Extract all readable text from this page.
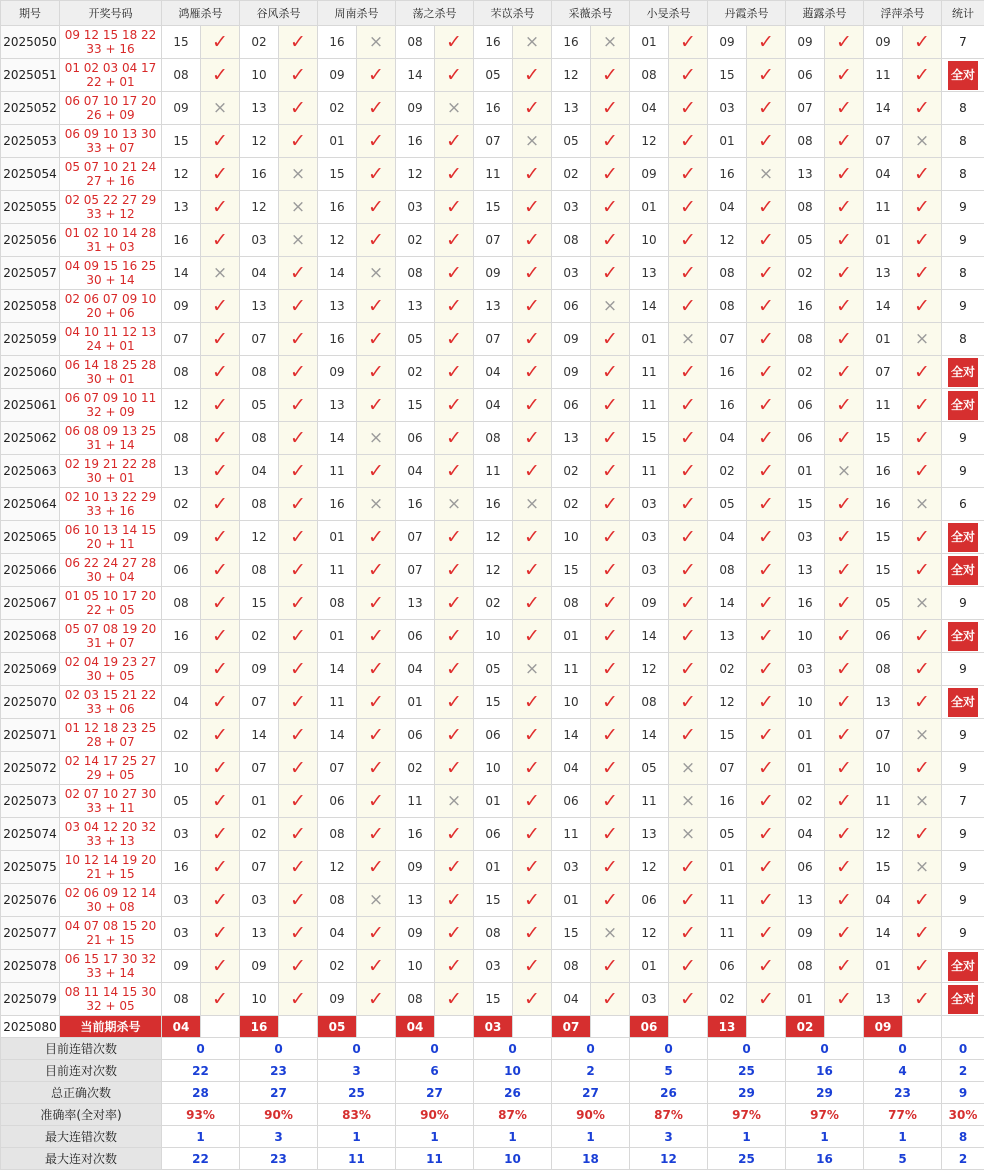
期号	开奖号码	鸿雁杀号		谷风杀号		周南杀号		荡之杀号		芣苡杀号		采薇杀号		小旻杀号		丹霞杀号		蕸露杀号		浮萍杀号		统计
2025050	09 12 15 18 22
33 + 16	15	✓	02	✓	16	×	08	✓	16	×	16	×	01	✓	09	✓	09	✓	09	✓	7
2025051	01 02 03 04 17
22 + 01	08	✓	10	✓	09	✓	14	✓	05	✓	12	✓	08	✓	15	✓	06	✓	11	✓	全对
2025052	06 07 10 17 20
26 + 09	09	×	13	✓	02	✓	09	×	16	✓	13	✓	04	✓	03	✓	07	✓	14	✓	8
2025053	06 09 10 13 30
33 + 07	15	✓	12	✓	01	✓	16	✓	07	×	05	✓	12	✓	01	✓	08	✓	07	×	8
2025054	05 07 10 21 24
27 + 16	12	✓	16	×	15	✓	12	✓	11	✓	02	✓	09	✓	16	×	13	✓	04	✓	8
2025055	02 05 22 27 29
33 + 12	13	✓	12	×	16	✓	03	✓	15	✓	03	✓	01	✓	04	✓	08	✓	11	✓	9
2025056	01 02 10 14 28
31 + 03	16	✓	03	×	12	✓	02	✓	07	✓	08	✓	10	✓	12	✓	05	✓	01	✓	9
2025057	04 09 15 16 25
30 + 14	14	×	04	✓	14	×	08	✓	09	✓	03	✓	13	✓	08	✓	02	✓	13	✓	8
2025058	02 06 07 09 10
20 + 06	09	✓	13	✓	13	✓	13	✓	13	✓	06	×	14	✓	08	✓	16	✓	14	✓	9
2025059	04 10 11 12 13
24 + 01	07	✓	07	✓	16	✓	05	✓	07	✓	09	✓	01	×	07	✓	08	✓	01	×	8
2025060	06 14 18 25 28
30 + 01	08	✓	08	✓	09	✓	02	✓	04	✓	09	✓	11	✓	16	✓	02	✓	07	✓	全对
2025061	06 07 09 10 11
32 + 09	12	✓	05	✓	13	✓	15	✓	04	✓	06	✓	11	✓	16	✓	06	✓	11	✓	全对
2025062	06 08 09 13 25
31 + 14	08	✓	08	✓	14	×	06	✓	08	✓	13	✓	15	✓	04	✓	06	✓	15	✓	9
2025063	02 19 21 22 28
30 + 01	13	✓	04	✓	11	✓	04	✓	11	✓	02	✓	11	✓	02	✓	01	×	16	✓	9
2025064	02 10 13 22 29
33 + 16	02	✓	08	✓	16	×	16	×	16	×	02	✓	03	✓	05	✓	15	✓	16	×	6
2025065	06 10 13 14 15
20 + 11	09	✓	12	✓	01	✓	07	✓	12	✓	10	✓	03	✓	04	✓	03	✓	15	✓	全对
2025066	06 22 24 27 28
30 + 04	06	✓	08	✓	11	✓	07	✓	12	✓	15	✓	03	✓	08	✓	13	✓	15	✓	全对
2025067	01 05 10 17 20
22 + 05	08	✓	15	✓	08	✓	13	✓	02	✓	08	✓	09	✓	14	✓	16	✓	05	×	9
2025068	05 07 08 19 20
31 + 07	16	✓	02	✓	01	✓	06	✓	10	✓	01	✓	14	✓	13	✓	10	✓	06	✓	全对
2025069	02 04 19 23 27
30 + 05	09	✓	09	✓	14	✓	04	✓	05	×	11	✓	12	✓	02	✓	03	✓	08	✓	9
2025070	02 03 15 21 22
33 + 06	04	✓	07	✓	11	✓	01	✓	15	✓	10	✓	08	✓	12	✓	10	✓	13	✓	全对
2025071	01 12 18 23 25
28 + 07	02	✓	14	✓	14	✓	06	✓	06	✓	14	✓	14	✓	15	✓	01	✓	07	×	9
2025072	02 14 17 25 27
29 + 05	10	✓	07	✓	07	✓	02	✓	10	✓	04	✓	05	×	07	✓	01	✓	10	✓	9
2025073	02 07 10 27 30
33 + 11	05	✓	01	✓	06	✓	11	×	01	✓	06	✓	11	×	16	✓	02	✓	11	×	7
2025074	03 04 12 20 32
33 + 13	03	✓	02	✓	08	✓	16	✓	06	✓	11	✓	13	×	05	✓	04	✓	12	✓	9
2025075	10 12 14 19 20
21 + 15	16	✓	07	✓	12	✓	09	✓	01	✓	03	✓	12	✓	01	✓	06	✓	15	×	9
2025076	02 06 09 12 14
30 + 08	03	✓	03	✓	08	×	13	✓	15	✓	01	✓	06	✓	11	✓	13	✓	04	✓	9
2025077	04 07 08 15 20
21 + 15	03	✓	13	✓	04	✓	09	✓	08	✓	15	×	12	✓	11	✓	09	✓	14	✓	9
2025078	06 15 17 30 32
33 + 14	09	✓	09	✓	02	✓	10	✓	03	✓	08	✓	01	✓	06	✓	08	✓	01	✓	全对
2025079	08 11 14 15 30
32 + 05	08	✓	10	✓	09	✓	08	✓	15	✓	04	✓	03	✓	02	✓	01	✓	13	✓	全对
2025080	当前期杀号	04		16		05		04		03		07		06		13		02		09		
目前连错次数		0		0		0		0		0		0		0		0		0		0		0
目前连对次数		22		23		3		6		10		2		5		25		16		4		2
总正确次数		28		27		25		27		26		27		26		29		29		23		9
准确率(全对率)		93%		90%		83%		90%		87%		90%		87%		97%		97%		77%		30%
最大连错次数		1		3		1		1		1		1		3		1		1		1		8
最大连对次数		22		23		11		11		10		18		12		25		16		5		2
